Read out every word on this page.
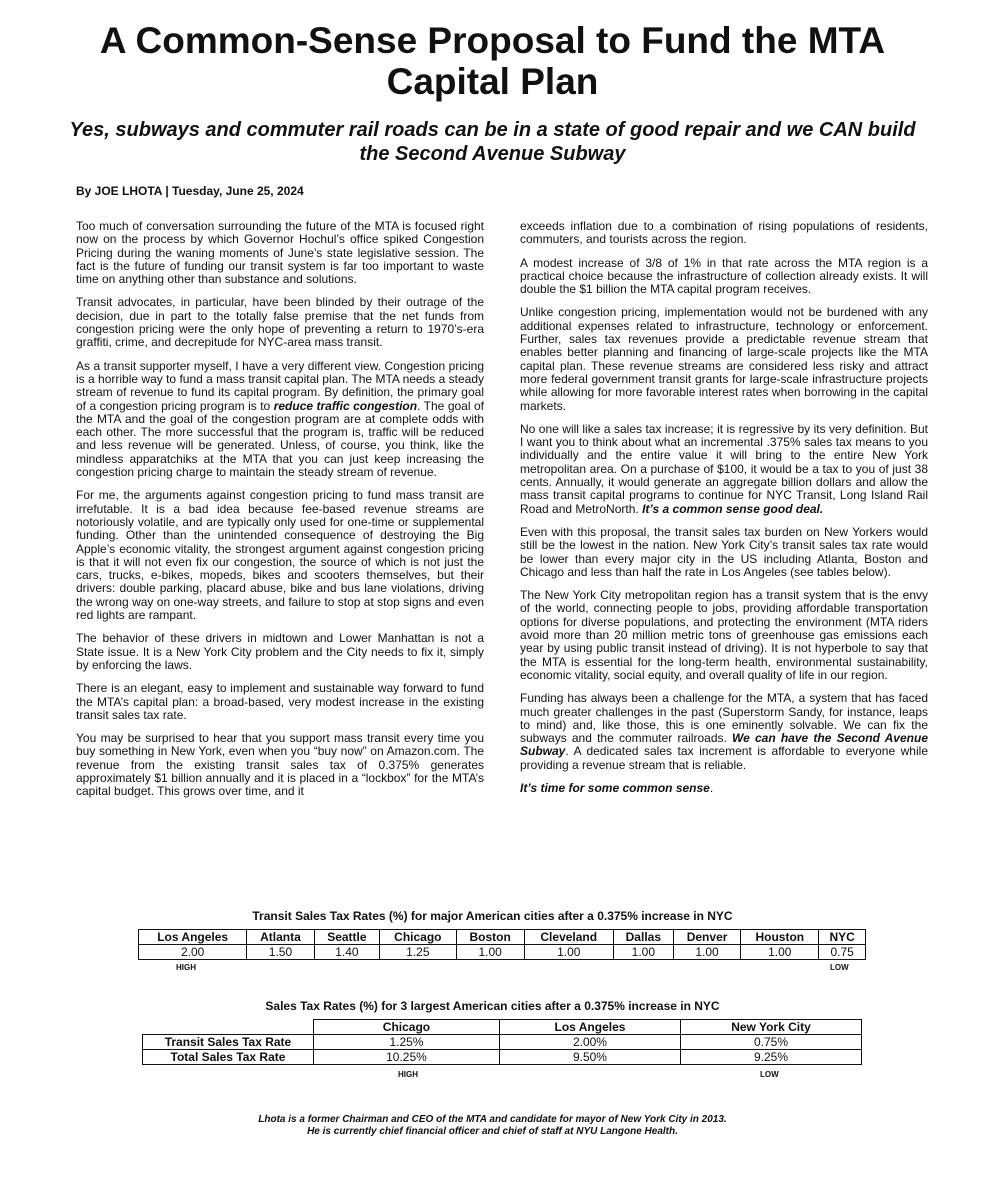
A Common-Sense Proposal to Fund the MTA Capital Plan
Yes, subways and commuter rail roads can be in a state of good repair and we CAN build the Second Avenue Subway
By JOE LHOTA | Tuesday, June 25, 2024

Too much of conversation surrounding the future of the MTA is focused right now on the process by which Governor Hochul’s office spiked Congestion Pricing during the waning moments of June’s state legislative session. The fact is the future of funding our transit system is far too important to waste time on anything other than substance and solutions.

Transit advocates, in particular, have been blinded by their outrage of the decision, due in part to the totally false premise that the net funds from congestion pricing were the only hope of preventing a return to 1970’s-era graffiti, crime, and decrepitude for NYC-area mass transit.

As a transit supporter myself, I have a very different view. Congestion pricing is a horrible way to fund a mass transit capital plan. The MTA needs a steady stream of revenue to fund its capital program. By definition, the primary goal of a congestion pricing program is to reduce traffic congestion. The goal of the MTA and the goal of the congestion program are at complete odds with each other. The more successful that the program is, traffic will be reduced and less revenue will be generated. Unless, of course, you think, like the mindless apparatchiks at the MTA that you can just keep increasing the congestion pricing charge to maintain the steady stream of revenue.

For me, the arguments against congestion pricing to fund mass transit are irrefutable. It is a bad idea because fee-based revenue streams are notoriously volatile, and are typically only used for one-time or supplemental funding. Other than the unintended consequence of destroying the Big Apple’s economic vitality, the strongest argument against congestion pricing is that it will not even fix our congestion, the source of which is not just the cars, trucks, e-bikes, mopeds, bikes and scooters themselves, but their drivers: double parking, placard abuse, bike and bus lane violations, driving the wrong way on one-way streets, and failure to stop at stop signs and even red lights are rampant.

The behavior of these drivers in midtown and Lower Manhattan is not a State issue. It is a New York City problem and the City needs to fix it, simply by enforcing the laws.

There is an elegant, easy to implement and sustainable way forward to fund the MTA’s capital plan: a broad-based, very modest increase in the existing transit sales tax rate.

You may be surprised to hear that you support mass transit every time you buy something in New York, even when you “buy now” on Amazon.com. The revenue from the existing transit sales tax of 0.375% generates approximately $1 billion annually and it is placed in a “lockbox” for the MTA’s capital budget. This grows over time, and it

exceeds inflation due to a combination of rising populations of residents, commuters, and tourists across the region.

A modest increase of 3/8 of 1% in that rate across the MTA region is a practical choice because the infrastructure of collection already exists. It will double the $1 billion the MTA capital program receives.

Unlike congestion pricing, implementation would not be burdened with any additional expenses related to infrastructure, technology or enforcement. Further, sales tax revenues provide a predictable revenue stream that enables better planning and financing of large-scale projects like the MTA capital plan. These revenue streams are considered less risky and attract more federal government transit grants for large-scale infrastructure projects while allowing for more favorable interest rates when borrowing in the capital markets.

No one will like a sales tax increase; it is regressive by its very definition. But I want you to think about what an incremental .375% sales tax means to you individually and the entire value it will bring to the entire New York metropolitan area. On a purchase of $100, it would be a tax to you of just 38 cents. Annually, it would generate an aggregate billion dollars and allow the mass transit capital programs to continue for NYC Transit, Long Island Rail Road and MetroNorth. It’s a common sense good deal.

Even with this proposal, the transit sales tax burden on New Yorkers would still be the lowest in the nation. New York City’s transit sales tax rate would be lower than every major city in the US including Atlanta, Boston and Chicago and less than half the rate in Los Angeles (see tables below).

The New York City metropolitan region has a transit system that is the envy of the world, connecting people to jobs, providing affordable transportation options for diverse populations, and protecting the environment (MTA riders avoid more than 20 million metric tons of greenhouse gas emissions each year by using public transit instead of driving). It is not hyperbole to say that the MTA is essential for the long-term health, environmental sustainability, economic vitality, social equity, and overall quality of life in our region.

Funding has always been a challenge for the MTA, a system that has faced much greater challenges in the past (Superstorm Sandy, for instance, leaps to mind) and, like those, this is one eminently solvable. We can fix the subways and the commuter railroads. We can have the Second Avenue Subway. A dedicated sales tax increment is affordable to everyone while providing a revenue stream that is reliable.

It’s time for some common sense.

Transit Sales Tax Rates (%) for major American cities after a 0.375% increase in NYC
Los Angeles	Atlanta	Seattle	Chicago	Boston	Cleveland	Dallas	Denver	Houston	NYC
2.00	1.50	1.40	1.25	1.00	1.00	1.00	1.00	1.00	0.75
HIGH	LOW
Sales Tax Rates (%) for 3 largest American cities after a 0.375% increase in NYC
	Chicago	Los Angeles	New York City
Transit Sales Tax Rate	1.25%	2.00%	0.75%
Total Sales Tax Rate	10.25%	9.50%	9.25%
HIGH	LOW
Lhota is a former Chairman and CEO of the MTA and candidate for mayor of New York City in 2013.
He is currently chief financial officer and chief of staff at NYU Langone Health.
